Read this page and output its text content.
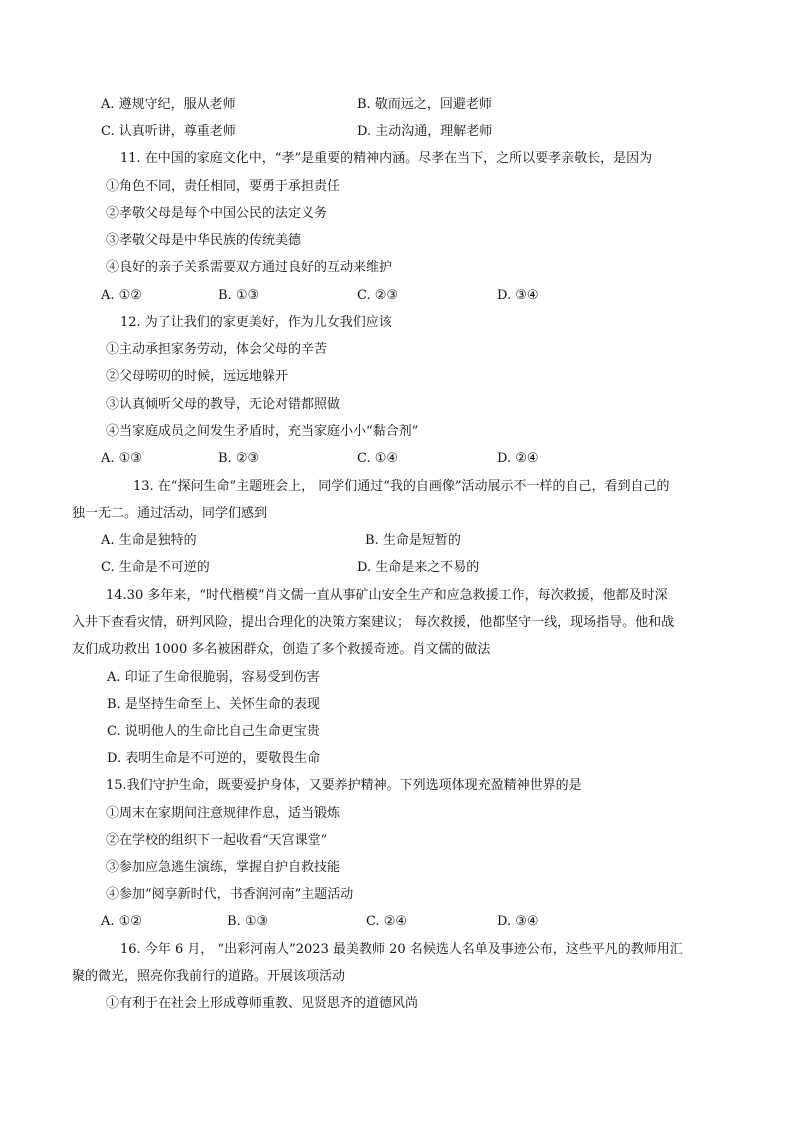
A. 遵规守纪，服从老师	B. 敬而远之，回避老师
C. 认真听讲，尊重老师	D. 主动沟通，理解老师
11. 在中国的家庭文化中，“孝”是重要的精神内涵。尽孝在当下，之所以要孝亲敬长，是因为
①角色不同，责任相同，要勇于承担责任
②孝敬父母是每个中国公民的法定义务
③孝敬父母是中华民族的传统美德
④良好的亲子关系需要双方通过良好的互动来维护
A. ①②	B. ①③	C. ②③	D. ③④
12. 为了让我们的家更美好，作为儿女我们应该
①主动承担家务劳动，体会父母的辛苦
②父母唠叨的时候，远远地躲开
③认真倾听父母的教导，无论对错都照做
④当家庭成员之间发生矛盾时，充当家庭小小“黏合剂”
A. ①③	B. ②③	C. ①④	D. ②④
13. 在“探问生命”主题班会上， 同学们通过“我的自画像”活动展示不一样的自己，看到自己的
独一无二。通过活动，同学们感到
A. 生命是独特的	B. 生命是短暂的
C. 生命是不可逆的	D. 生命是来之不易的
14.30 多年来，“时代楷模”肖文儒一直从事矿山安全生产和应急救援工作，每次救援，他都及时深
入井下查看灾情，研判风险，提出合理化的决策方案建议； 每次救援，他都坚守一线，现场指导。他和战
友们成功救出 1000 多名被困群众，创造了多个救援奇迹。肖文儒的做法
A. 印证了生命很脆弱，容易受到伤害
B. 是坚持生命至上、关怀生命的表现
C. 说明他人的生命比自己生命更宝贵
D. 表明生命是不可逆的，要敬畏生命
15.我们守护生命，既要爱护身体，又要养护精神。下列选项体现充盈精神世界的是
①周末在家期间注意规律作息，适当锻炼
②在学校的组织下一起收看“天宫课堂”
③参加应急逃生演练，掌握自护自救技能
④参加“阅享新时代，书香润河南”主题活动
A. ①②	B. ①③	C. ②④	D. ③④
16. 今年 6 月， “出彩河南人”2023 最美教师 20 名候选人名单及事迹公布，这些平凡的教师用汇
聚的微光，照亮你我前行的道路。开展该项活动
①有利于在社会上形成尊师重教、见贤思齐的道德风尚
